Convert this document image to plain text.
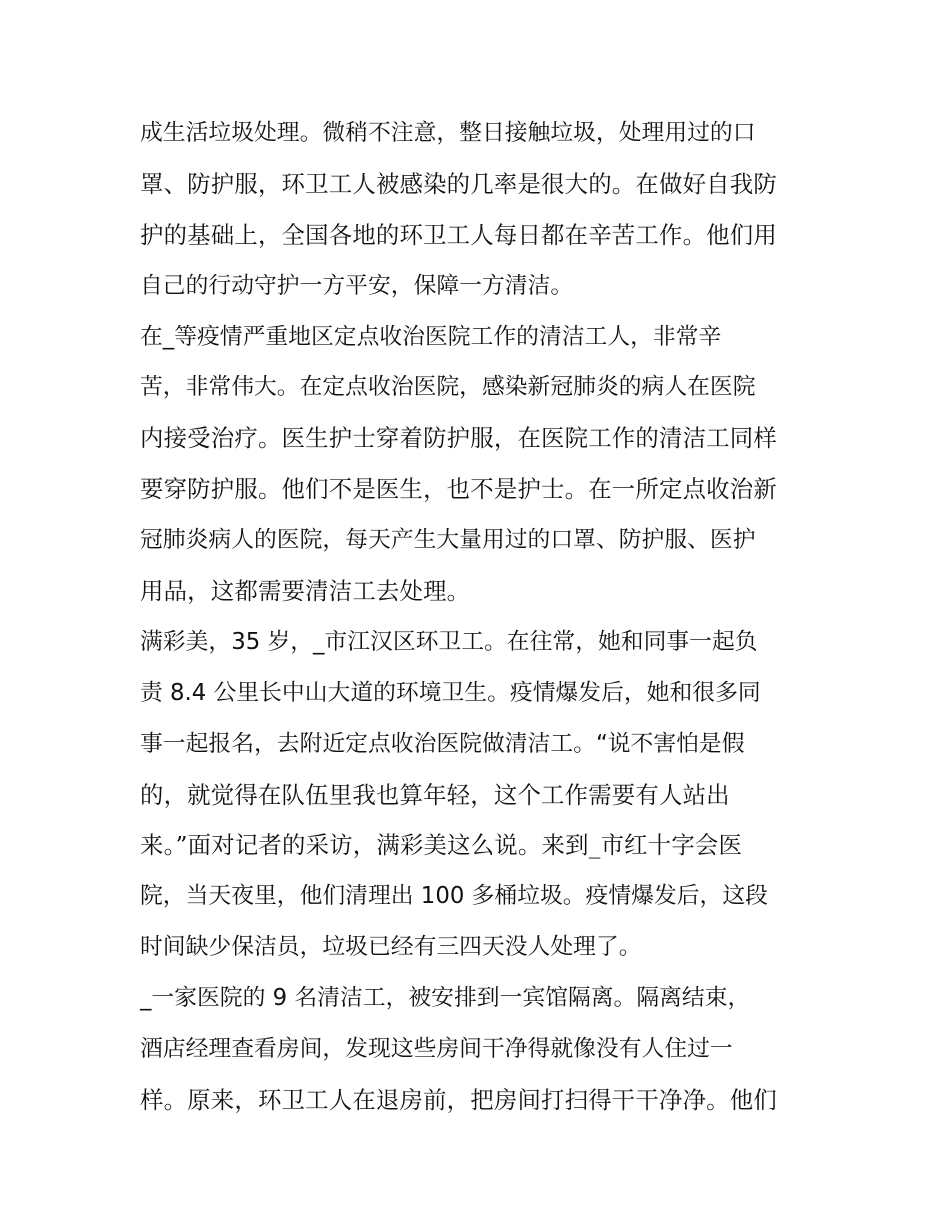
成生活垃圾处理。微稍不注意，整日接触垃圾，处理用过的口
罩、防护服，环卫工人被感染的几率是很大的。在做好自我防
护的基础上，全国各地的环卫工人每日都在辛苦工作。他们用
自己的行动守护一方平安，保障一方清洁。
在_等疫情严重地区定点收治医院工作的清洁工人，非常辛
苦，非常伟大。在定点收治医院，感染新冠肺炎的病人在医院
内接受治疗。医生护士穿着防护服，在医院工作的清洁工同样
要穿防护服。他们不是医生，也不是护士。在一所定点收治新
冠肺炎病人的医院，每天产生大量用过的口罩、防护服、医护
用品，这都需要清洁工去处理。
满彩美，35 岁，_市江汉区环卫工。在往常，她和同事一起负
责 8.4 公里长中山大道的环境卫生。疫情爆发后，她和很多同
事一起报名，去附近定点收治医院做清洁工。“说不害怕是假
的，就觉得在队伍里我也算年轻，这个工作需要有人站出
来。”面对记者的采访，满彩美这么说。来到_市红十字会医
院，当天夜里，他们清理出 100 多桶垃圾。疫情爆发后，这段
时间缺少保洁员，垃圾已经有三四天没人处理了。
_一家医院的 9 名清洁工，被安排到一宾馆隔离。隔离结束，
酒店经理查看房间，发现这些房间干净得就像没有人住过一
样。原来，环卫工人在退房前，把房间打扫得干干净净。他们
